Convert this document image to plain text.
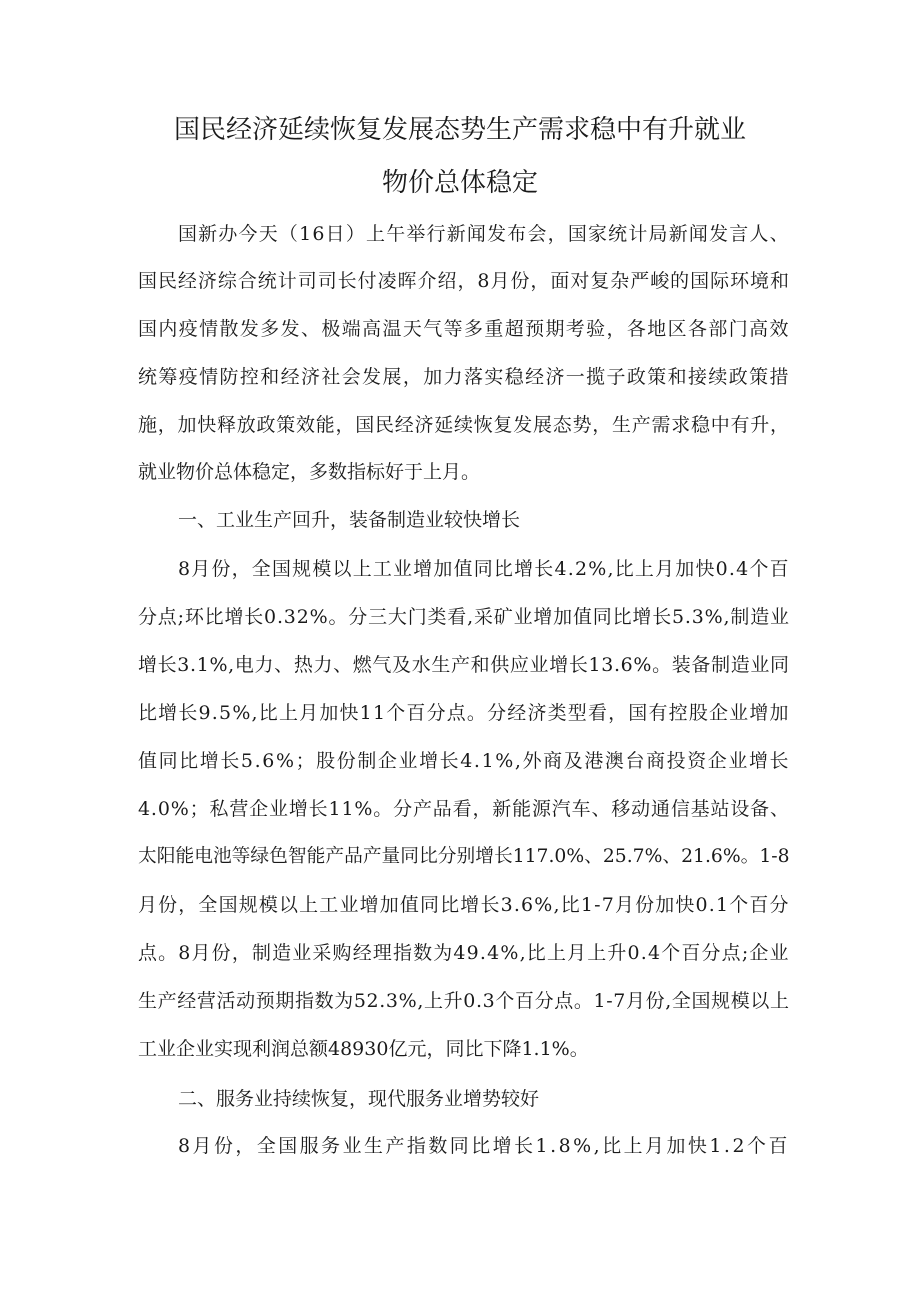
国民经济延续恢复发展态势生产需求稳中有升就业
物价总体稳定
国新办今天（16日）上午举行新闻发布会，国家统计局新闻发言人、
国民经济综合统计司司长付凌晖介绍，8月份，面对复杂严峻的国际环境和
国内疫情散发多发、极端高温天气等多重超预期考验，各地区各部门高效
统筹疫情防控和经济社会发展，加力落实稳经济一揽子政策和接续政策措
施，加快释放政策效能，国民经济延续恢复发展态势，生产需求稳中有升，
就业物价总体稳定，多数指标好于上月。
一、工业生产回升，装备制造业较快增长
8月份，全国规模以上工业增加值同比增长4.2%,比上月加快0.4个百
分点;环比增长0.32%。分三大门类看,采矿业增加值同比增长5.3%,制造业
增长3.1%,电力、热力、燃气及水生产和供应业增长13.6%。装备制造业同
比增长9.5%,比上月加快11个百分点。分经济类型看，国有控股企业增加
值同比增长5.6%；股份制企业增长4.1%,外商及港澳台商投资企业增长
4.0%；私营企业增长11%。分产品看，新能源汽车、移动通信基站设备、
太阳能电池等绿色智能产品产量同比分别增长117.0%、25.7%、21.6%。1-8
月份，全国规模以上工业增加值同比增长3.6%,比1-7月份加快0.1个百分
点。8月份，制造业采购经理指数为49.4%,比上月上升0.4个百分点;企业
生产经营活动预期指数为52.3%,上升0.3个百分点。1-7月份,全国规模以上
工业企业实现利润总额48930亿元，同比下降1.1%。
二、服务业持续恢复，现代服务业增势较好
8月份，全国服务业生产指数同比增长1.8%,比上月加快1.2个百
